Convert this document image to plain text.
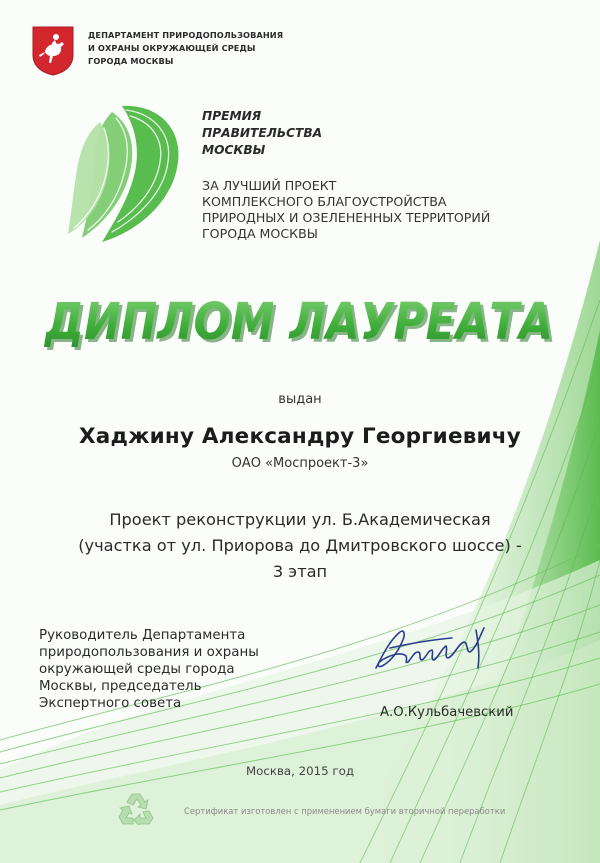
ДЕПАРТАМЕНТ ПРИРОДОПОЛЬЗОВАНИЯ
И ОХРАНЫ ОКРУЖАЮЩЕЙ СРЕДЫ
ГОРОДА МОСКВЫ
ПРЕМИЯ
ПРАВИТЕЛЬСТВА
МОСКВЫ
ЗА ЛУЧШИЙ ПРОЕКТ
КОМПЛЕКСНОГО БЛАГОУСТРОЙСТВА
ПРИРОДНЫХ И ОЗЕЛЕНЕННЫХ ТЕРРИТОРИЙ
ГОРОДА МОСКВЫ
ДИПЛОМ ЛАУРЕАТА
ДИПЛОМ ЛАУРЕАТА
выдан
Хаджину Александру Георгиевичу
ОАО «Моспроект-3»
Проект реконструкции ул. Б.Академическая
(участка от ул. Приорова до Дмитровского шоссе) -
3 этап
Руководитель Департамента
природопользования и охраны
окружающей среды города
Москвы, председатель
Экспертного совета
А.О.Кульбачевский
Москва, 2015 год
Сертификат изготовлен с применением бумаги вторичной переработки
